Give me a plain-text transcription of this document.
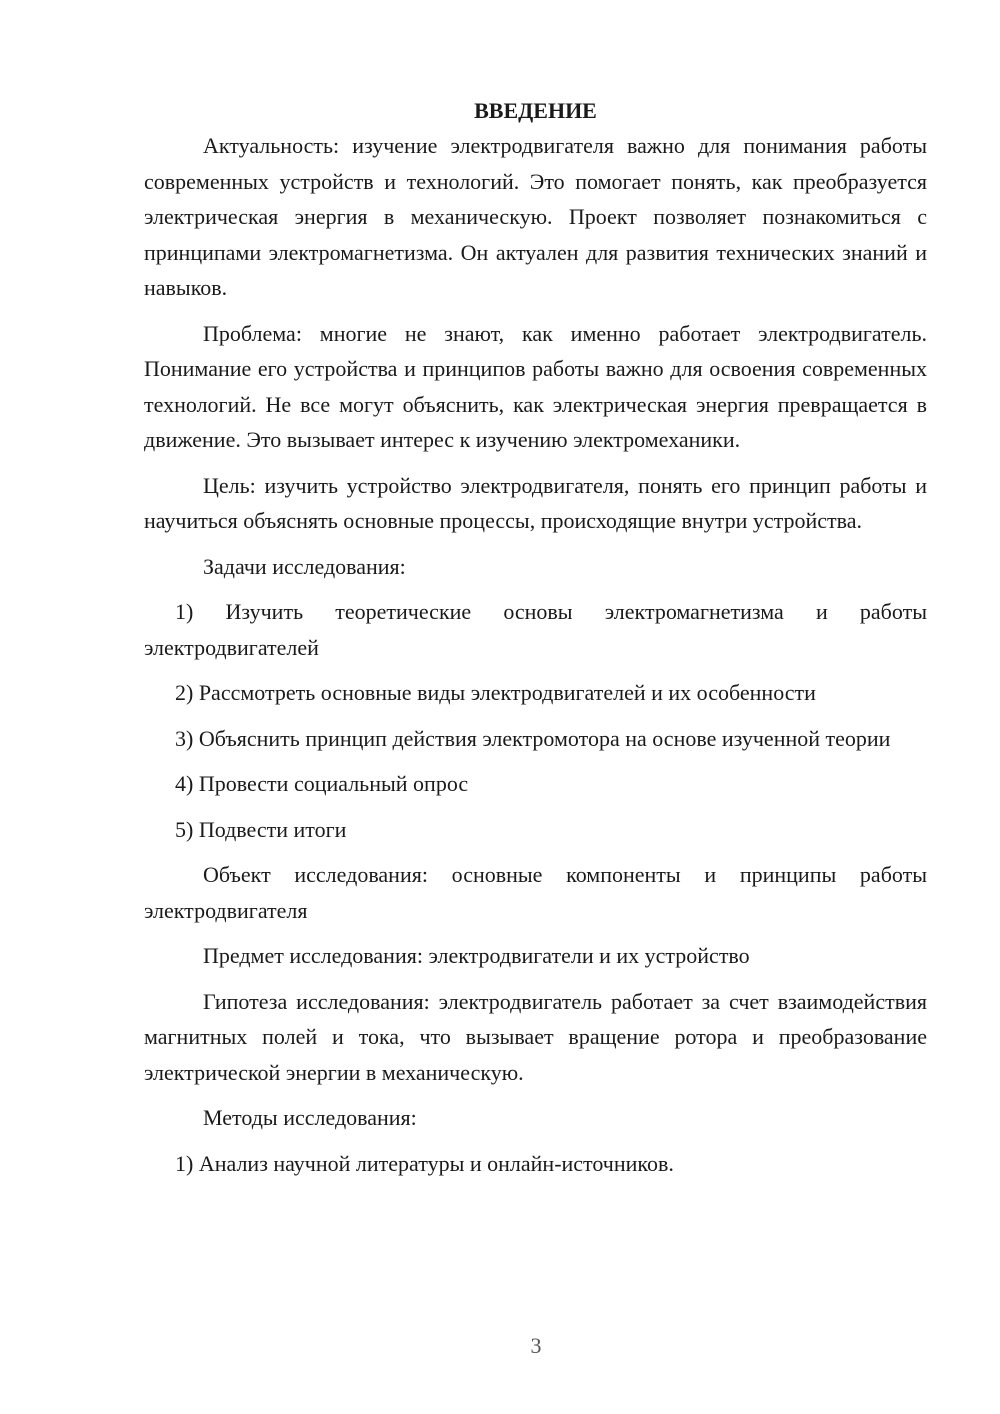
ВВЕДЕНИЕ

Актуальность: изучение электродвигателя важно для понимания работы современных устройств и технологий. Это помогает понять, как преобразуется электрическая энергия в механическую. Проект позволяет познакомиться с принципами электромагнетизма. Он актуален для развития технических знаний и навыков.

Проблема: многие не знают, как именно работает электродвигатель. Понимание его устройства и принципов работы важно для освоения современных технологий. Не все могут объяснить, как электрическая энергия превращается в движение. Это вызывает интерес к изучению электромеханики.

Цель: изучить устройство электродвигателя, понять его принцип работы и научиться объяснять основные процессы, происходящие внутри устройства.

Задачи исследования:

1) Изучить теоретические основы электромагнетизма и работы электродвигателей

2) Рассмотреть основные виды электродвигателей и их особенности

3) Объяснить принцип действия электромотора на основе изученной теории

4) Провести социальный опрос

5) Подвести итоги

Объект исследования: основные компоненты и принципы работы электродвигателя

Предмет исследования: электродвигатели и их устройство

Гипотеза исследования: электродвигатель работает за счет взаимодействия магнитных полей и тока, что вызывает вращение ротора и преобразование электрической энергии в механическую.

Методы исследования:

1) Анализ научной литературы и онлайн-источников.

3
